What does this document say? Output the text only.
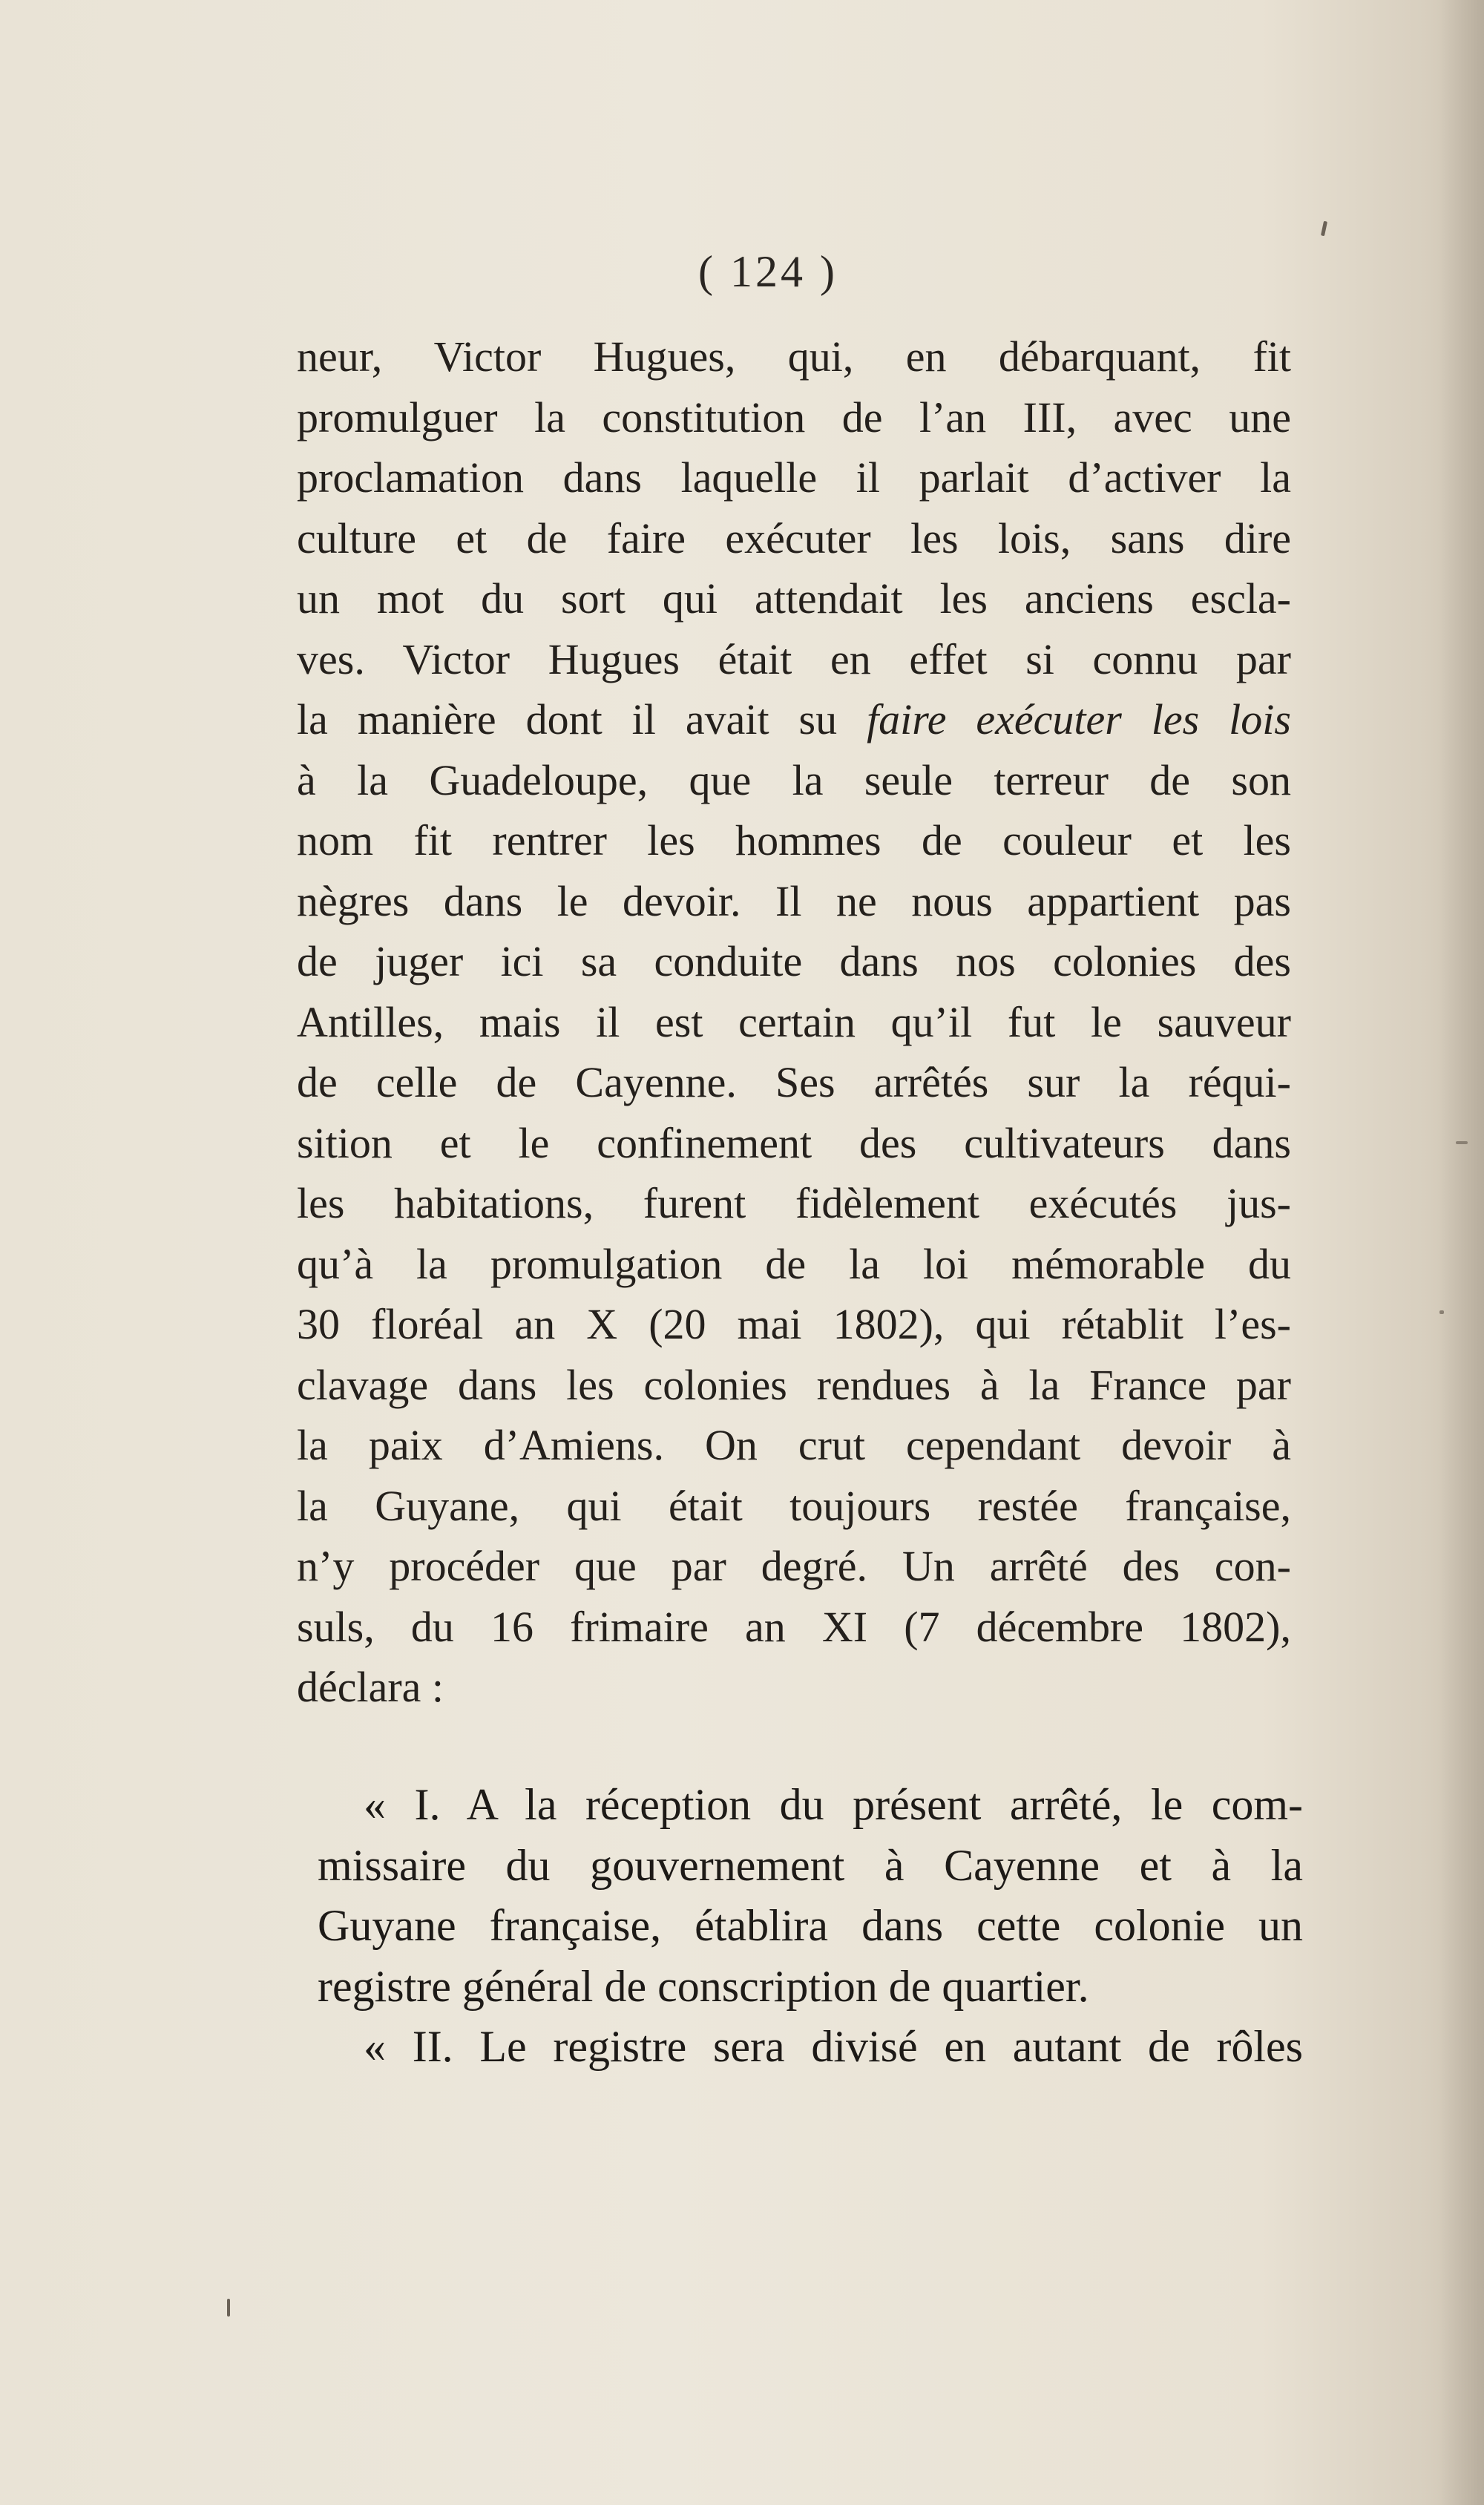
( 124 )
neur, Victor Hugues, qui, en débarquant, fit
promulguer la constitution de l’an III, avec une
proclamation dans laquelle il parlait d’activer la
culture et de faire exécuter les lois, sans dire
un mot du sort qui attendait les anciens escla-
ves. Victor Hugues était en effet si connu par
la manière dont il avait su faire exécuter les lois
à la Guadeloupe, que la seule terreur de son
nom fit rentrer les hommes de couleur et les
nègres dans le devoir. Il ne nous appartient pas
de juger ici sa conduite dans nos colonies des
Antilles, mais il est certain qu’il fut le sauveur
de celle de Cayenne. Ses arrêtés sur la réqui-
sition et le confinement des cultivateurs dans
les habitations, furent fidèlement exécutés jus-
qu’à la promulgation de la loi mémorable du
30 floréal an X (20 mai 1802), qui rétablit l’es-
clavage dans les colonies rendues à la France par
la paix d’Amiens. On crut cependant devoir à
la Guyane, qui était toujours restée française,
n’y procéder que par degré. Un arrêté des con-
suls, du 16 frimaire an XI (7 décembre 1802),
déclara :
« I. A la réception du présent arrêté, le com-
missaire du gouvernement à Cayenne et à la
Guyane française, établira dans cette colonie un
registre général de conscription de quartier.
« II. Le registre sera divisé en autant de rôles
